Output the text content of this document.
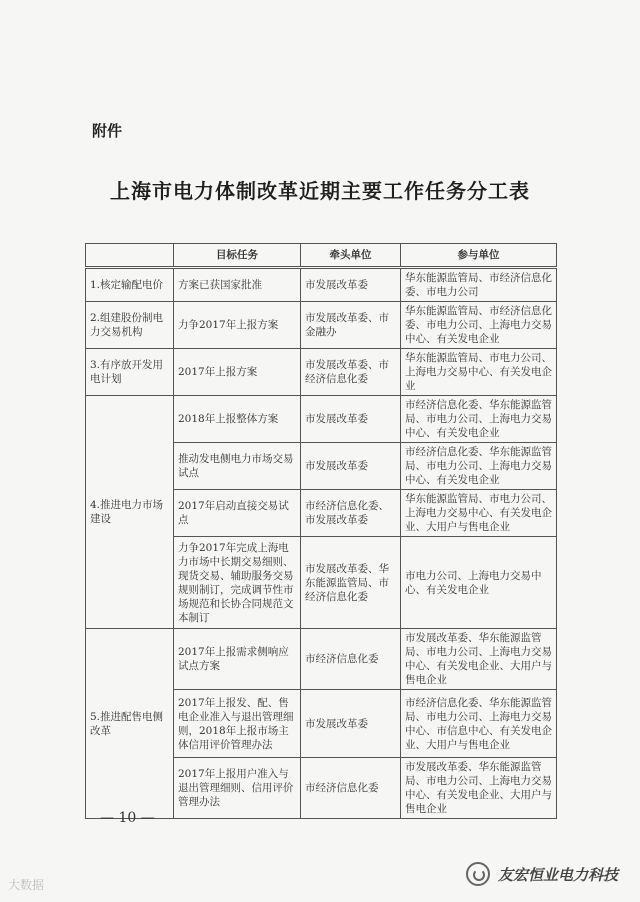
附件
上海市电力体制改革近期主要工作任务分工表
	目标任务	牵头单位	参与单位
1.核定输配电价	方案已获国家批准	市发展改革委	华东能源监管局、市经济信息化委、市电力公司
2.组建股份制电力交易机构	力争2017年上报方案	市发展改革委、市金融办	华东能源监管局、市经济信息化委、市电力公司、上海电力交易中心、有关发电企业
3.有序放开发用电计划	2017年上报方案	市发展改革委、市经济信息化委	华东能源监管局、市电力公司、上海电力交易中心、有关发电企业
4.推进电力市场建设	2018年上报整体方案	市发展改革委	市经济信息化委、华东能源监管局、市电力公司、上海电力交易中心、有关发电企业
	推动发电侧电力市场交易试点	市发展改革委	市经济信息化委、华东能源监管局、市电力公司、上海电力交易中心、有关发电企业
	2017年启动直接交易试点	市经济信息化委、市发展改革委	华东能源监管局、市电力公司、上海电力交易中心、有关发电企业、大用户与售电企业
	力争2017年完成上海电力市场中长期交易细则、现货交易、辅助服务交易规则制订，完成调节性市场规范和长协合同规范文本制订	市发展改革委、华东能源监管局、市经济信息化委	市电力公司、上海电力交易中心、有关发电企业
5.推进配售电侧改革	2017年上报需求侧响应试点方案	市经济信息化委	市发展改革委、华东能源监管局、市电力公司、上海电力交易中心、有关发电企业、大用户与售电企业
	2017年上报发、配、售电企业准入与退出管理细则，2018年上报市场主体信用评价管理办法	市发展改革委	市经济信息化委、华东能源监管局、市电力公司、上海电力交易中心、市信息中心、有关发电企业、大用户与售电企业
	2017年上报用户准入与退出管理细则、信用评价管理办法	市经济信息化委	市发展改革委、华东能源监管局、市电力公司、上海电力交易中心、有关发电企业、大用户与售电企业
— 10 —
大数据
友宏恒业电力科技
